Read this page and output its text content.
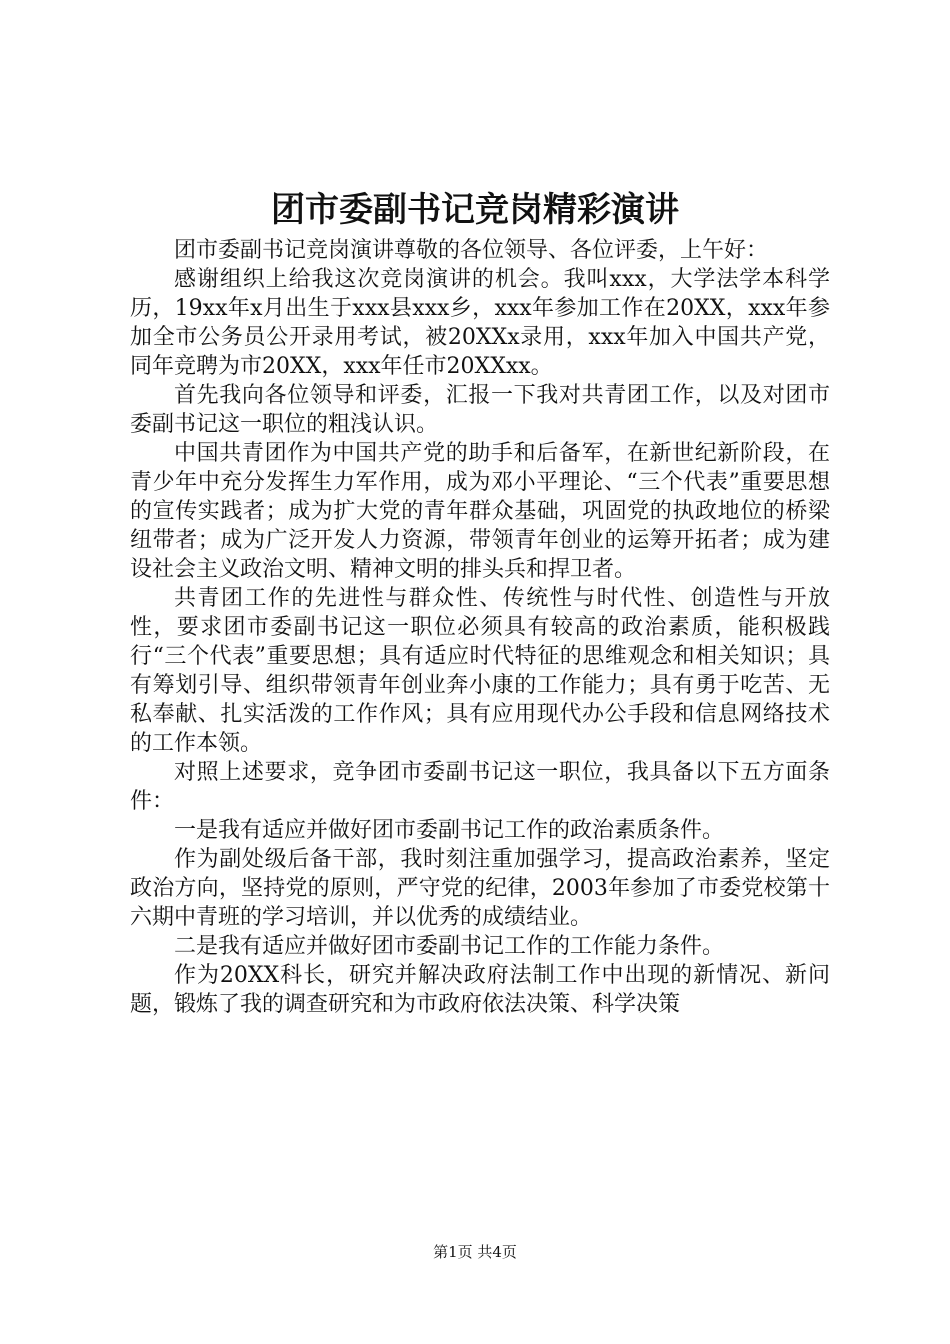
团市委副书记竞岗精彩演讲

团市委副书记竞岗演讲尊敬的各位领导、各位评委，上午好：

感谢组织上给我这次竞岗演讲的机会。我叫xxx，大学法学本科学历，19xx年x月出生于xxx县xxx乡，xxx年参加工作在20XX，xxx年参加全市公务员公开录用考试，被20XXx录用，xxx年加入中国共产党，同年竞聘为市20XX，xxx年任市20XXxx。

首先我向各位领导和评委，汇报一下我对共青团工作，以及对团市委副书记这一职位的粗浅认识。

中国共青团作为中国共产党的助手和后备军，在新世纪新阶段，在青少年中充分发挥生力军作用，成为邓小平理论、“三个代表”重要思想的宣传实践者；成为扩大党的青年群众基础，巩固党的执政地位的桥梁纽带者；成为广泛开发人力资源，带领青年创业的运筹开拓者；成为建设社会主义政治文明、精神文明的排头兵和捍卫者。

共青团工作的先进性与群众性、传统性与时代性、创造性与开放性，要求团市委副书记这一职位必须具有较高的政治素质，能积极践行“三个代表”重要思想；具有适应时代特征的思维观念和相关知识；具有筹划引导、组织带领青年创业奔小康的工作能力；具有勇于吃苦、无私奉献、扎实活泼的工作作风；具有应用现代办公手段和信息网络技术的工作本领。

对照上述要求，竞争团市委副书记这一职位，我具备以下五方面条件：

一是我有适应并做好团市委副书记工作的政治素质条件。

作为副处级后备干部，我时刻注重加强学习，提高政治素养，坚定政治方向，坚持党的原则，严守党的纪律，2003年参加了市委党校第十六期中青班的学习培训，并以优秀的成绩结业。

二是我有适应并做好团市委副书记工作的工作能力条件。

作为20XX科长，研究并解决政府法制工作中出现的新情况、新问题，锻炼了我的调查研究和为市政府依法决策、科学决策

第1页 共4页
